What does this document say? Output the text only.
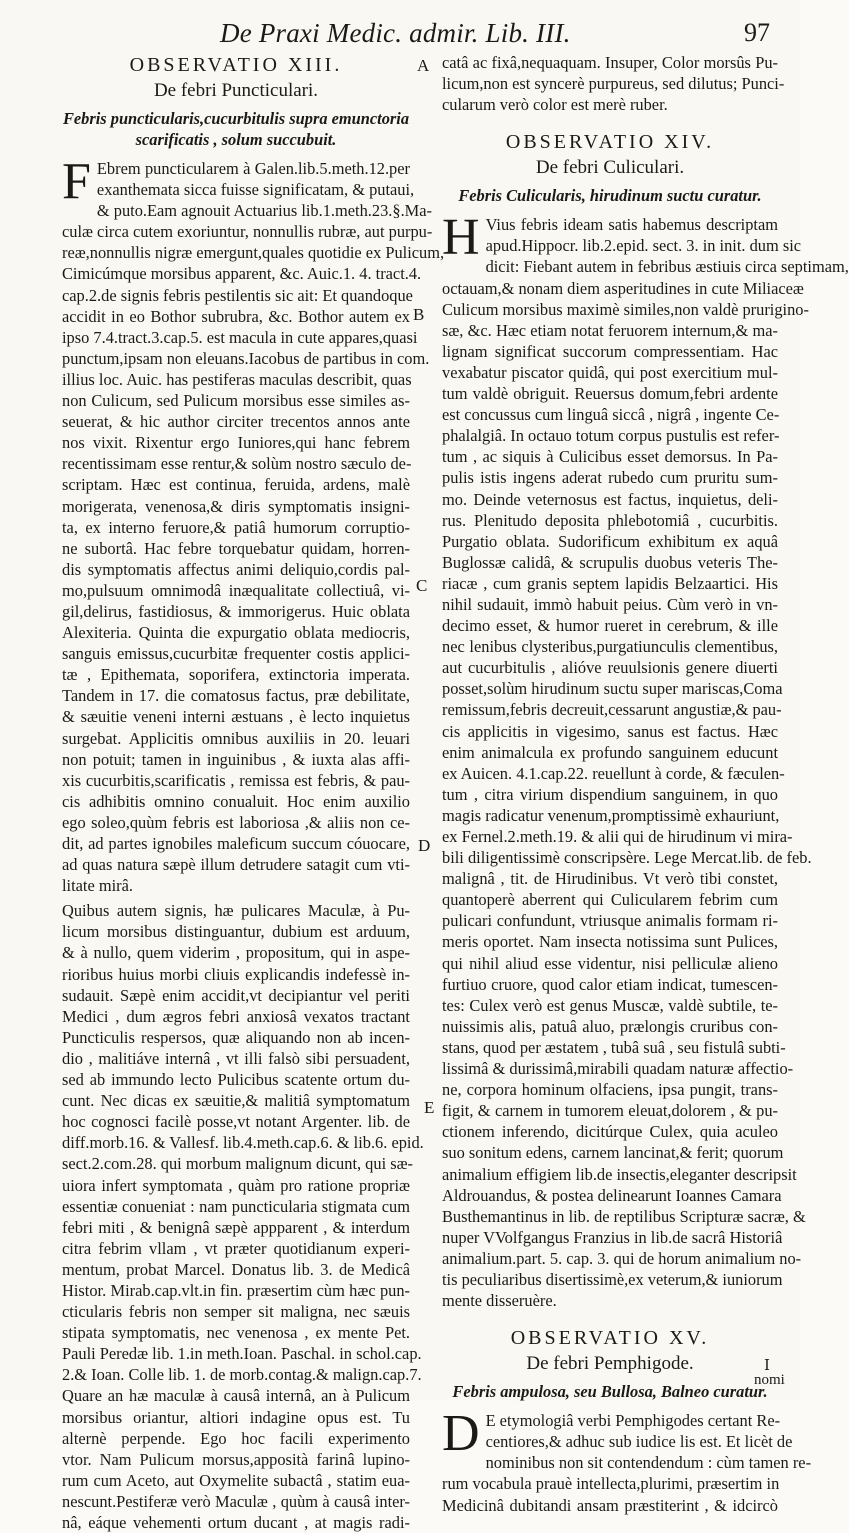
De Praxi Medic. admir. Lib. III.	97
A
B
C
D
E

OBSERVATIO XIII.

De febri Puncticulari.

Febris puncticularis,cucurbitulis supra emunctoria

scarificatis , solum succubuit.

F Ebrem puncticularem à Galen.lib.5.meth.12.per
exanthemata sicca fuisse significatam, & putaui,
& puto.Eam agnouit Actuarius lib.1.meth.23.§.Ma-
culæ circa cutem exoriuntur, nonnullis rubræ, aut purpu-
reæ,nonnullis nigræ emergunt,quales quotidie ex Pulicum,
Cimicúmque morsibus apparent, &c. Auic.1. 4. tract.4.
cap.2.de signis febris pestilentis sic ait: Et quandoque
accidit in eo Bothor subrubra, &c. Bothor autem ex
ipso 7.4.tract.3.cap.5. est macula in cute appares,quasi
punctum,ipsam non eleuans.Iacobus de partibus in com.
illius loc. Auic. has pestiferas maculas describit, quas
non Culicum, sed Pulicum morsibus esse similes as-
seuerat, & hic author circiter trecentos annos ante
nos vixit. Rixentur ergo Iuniores,qui hanc febrem
recentissimam esse rentur,& solùm nostro sæculo de-
scriptam. Hæc est continua, feruida, ardens, malè
morigerata, venenosa,& diris symptomatis insigni-
ta, ex interno feruore,& patiâ humorum corruptio-
ne subortâ. Hac febre torquebatur quidam, horren-
dis symptomatis affectus animi deliquio,cordis pal-
mo,pulsuum omnimodâ inæqualitate collectiuâ, vi-
gil,delirus, fastidiosus, & immorigerus. Huic oblata
Alexiteria. Quinta die expurgatio oblata mediocris,
sanguis emissus,cucurbitæ frequenter costis applici-
tæ , Epithemata, soporifera, extinctoria imperata.
Tandem in 17. die comatosus factus, præ debilitate,
& sæuitie veneni interni æstuans , è lecto inquietus
surgebat. Applicitis omnibus auxiliis in 20. leuari
non potuit; tamen in inguinibus , & iuxta alas affi-
xis cucurbitis,scarificatis , remissa est febris, & pau-
cis adhibitis omnino conualuit. Hoc enim auxilio
ego soleo,quùm febris est laboriosa ,& aliis non ce-
dit, ad partes ignobiles maleficum succum cóuocare,
ad quas natura sæpè illum detrudere satagit cum vti-
litate mirâ.
Quibus autem signis, hæ pulicares Maculæ, à Pu-
licum morsibus distinguantur, dubium est arduum,
& à nullo, quem viderim , propositum, qui in aspe-
rioribus huius morbi cliuis explicandis indefessè in-
sudauit. Sæpè enim accidit,vt decipiantur vel periti
Medici , dum ægros febri anxiosâ vexatos tractant
Puncticulis respersos, quæ aliquando non ab incen-
dio , malitiáve internâ , vt illi falsò sibi persuadent,
sed ab immundo lecto Pulicibus scatente ortum du-
cunt. Nec dicas ex sæuitie,& malitiâ symptomatum
hoc cognosci facilè posse,vt notant Argenter. lib. de
diff.morb.16. & Vallesf. lib.4.meth.cap.6. & lib.6. epid.
sect.2.com.28. qui morbum malignum dicunt, qui sæ-
uiora infert symptomata , quàm pro ratione propriæ
essentiæ conueniat : nam puncticularia stigmata cum
febri miti , & benignâ sæpè appparent , & interdum
citra febrim vllam , vt præter quotidianum experi-
mentum, probat Marcel. Donatus lib. 3. de Medicâ
Histor. Mirab.cap.vlt.in fin. præsertim cùm hæc pun-
cticularis febris non semper sit maligna, nec sæuis
stipata symptomatis, nec venenosa , ex mente Pet.
Pauli Peredæ lib. 1.in meth.Ioan. Paschal. in schol.cap.
2.& Ioan. Colle lib. 1. de morb.contag.& malign.cap.7.
Quare an hæ maculæ à causâ internâ, an à Pulicum
morsibus oriantur, altiori indagine opus est. Tu
alternè perpende. Ego hoc facili experimento
vtor. Nam Pulicum morsus,apposità farinâ lupino-
rum cum Aceto, aut Oxymelite subactâ , statim eua-
nescunt.Pestiferæ verò Maculæ , quùm à causâ inter-
nâ, eáque vehementi ortum ducant , at magis radi-
catâ ac fixâ,nequaquam. Insuper, Color morsûs Pu-
licum,non est syncerè purpureus, sed dilutus; Punci-
cularum verò color est merè ruber.

OBSERVATIO XIV.

De febri Culiculari.

Febris Culicularis, hirudinum suctu curatur.

H Vius febris ideam satis habemus descriptam
apud.Hippocr. lib.2.epid. sect. 3. in init. dum sic
dicit: Fiebant autem in febribus æstiuis circa septimam,
octauam,& nonam diem asperitudines in cute Miliaceæ
Culicum morsibus maximè similes,non valdè prurigino-
sæ, &c. Hæc etiam notat feruorem internum,& ma-
lignam significat succorum compressentiam. Hac
vexabatur piscator quidâ, qui post exercitium mul-
tum valdè obriguit. Reuersus domum,febri ardente
est concussus cum linguâ siccâ , nigrâ , ingente Ce-
phalalgiâ. In octauo totum corpus pustulis est refer-
tum , ac siquis à Culicibus esset demorsus. In Pa-
pulis istis ingens aderat rubedo cum pruritu sum-
mo. Deinde veternosus est factus, inquietus, deli-
rus. Plenitudo deposita phlebotomiâ , cucurbitis.
Purgatio oblata. Sudorificum exhibitum ex aquâ
Buglossæ calidâ, & scrupulis duobus veteris The-
riacæ , cum granis septem lapidis Belzaartici. His
nihil sudauit, immò habuit peius. Cùm verò in vn-
decimo esset, & humor rueret in cerebrum, & ille
nec lenibus clysteribus,purgatiunculis clementibus,
aut cucurbitulis , alióve reuulsionis genere diuerti
posset,solùm hirudinum suctu super mariscas,Coma
remissum,febris decreuit,cessarunt angustiæ,& pau-
cis applicitis in vigesimo, sanus est factus. Hæc
enim animalcula ex profundo sanguinem educunt
ex Auicen. 4.1.cap.22. reuellunt à corde, & fæculen-
tum , citra virium dispendium sanguinem, in quo
magis radicatur venenum,promptissimè exhauriunt,
ex Fernel.2.meth.19. & alii qui de hirudinum vi mira-
bili diligentissimè conscripsère. Lege Mercat.lib. de feb.
malignâ , tit. de Hirudinibus. Vt verò tibi constet,
quantoperè aberrent qui Culicularem febrim cum
pulicari confundunt, vtriusque animalis formam ri-
meris oportet. Nam insecta notissima sunt Pulices,
qui nihil aliud esse videntur, nisi pelliculæ alieno
furtiuo cruore, quod calor etiam indicat, tumescen-
tes: Culex verò est genus Muscæ, valdè subtile, te-
nuissimis alis, patuâ aluo, prælongis cruribus con-
stans, quod per æstatem , tubâ suâ , seu fistulâ subti-
lissimâ & durissimâ,mirabili quadam naturæ affectio-
ne, corpora hominum olfaciens, ipsa pungit, trans-
figit, & carnem in tumorem eleuat,dolorem , & pu-
ctionem inferendo, dicitúrque Culex, quia aculeo
suo sonitum edens, carnem lancinat,& ferit; quorum
animalium effigiem lib.de insectis,eleganter descripsit
Aldrouandus, & postea delinearunt Ioannes Camara
Busthemantinus in lib. de reptilibus Scripturæ sacræ, &
nuper VVolfgangus Franzius in lib.de sacrâ Historiâ
animalium.part. 5. cap. 3. qui de horum animalium no-
tis peculiaribus disertissimè,ex veterum,& iuniorum
mente disseruère.

OBSERVATIO XV.

De febri Pemphigode.

Febris ampulosa, seu Bullosa, Balneo curatur.

D E etymologiâ verbi Pemphigodes certant Re-
centiores,& adhuc sub iudice lis est. Et licèt de
nominibus non sit contendendum : cùm tamen re-
rum vocabula prauè intellecta,plurimi, præsertim in
Medicinâ dubitandi ansam præstiterint , & idcircò
I
nomi
